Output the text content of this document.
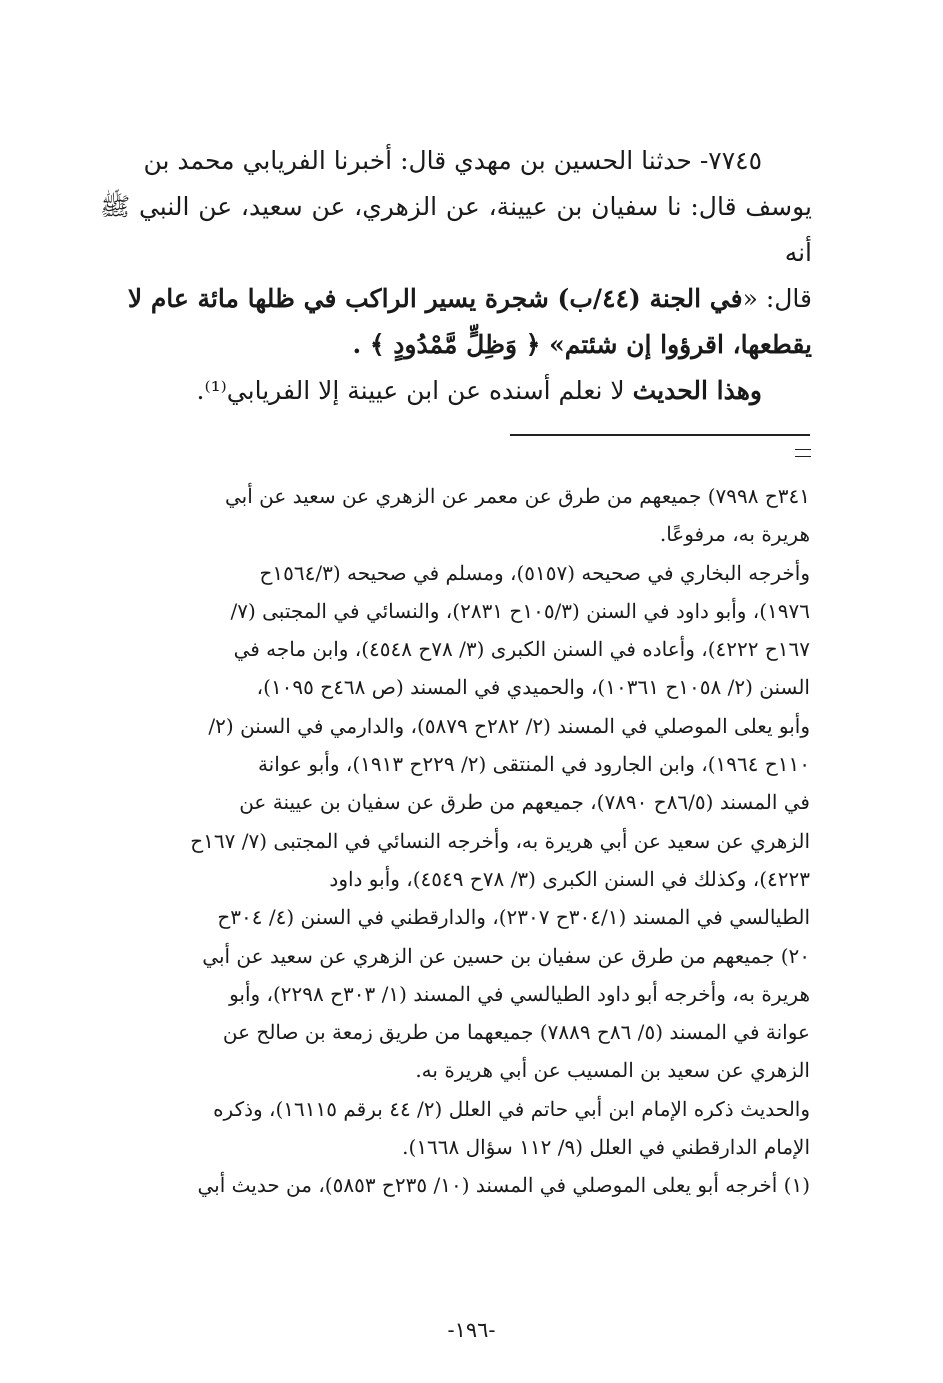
٧٧٤٥- حدثنا الحسين بن مهدي قال: أخبرنا الفريابي محمد بن

يوسف قال: نا سفيان بن عيينة، عن الزهري، عن سعيد، عن النبي ﷺ أنه

قال: «في الجنة (٤٤/ب) شجرة يسير الراكب في ظلها مائة عام لا

يقطعها، اقرؤوا إن شئتم» ﴿ وَظِلٍّ مَّمْدُودٍ ﴾ .

وهذا الحديث لا نعلم أسنده عن ابن عيينة إلا الفريابي⁽¹⁾.

٣٤١ح ٧٩٩٨) جميعهم من طرق عن معمر عن الزهري عن سعيد عن أبي

هريرة به، مرفوعًا.

وأخرجه البخاري في صحيحه (٥١٥٧)، ومسلم في صحيحه (١٥٦٤/٣ح

١٩٧٦)، وأبو داود في السنن (١٠٥/٣ح ٢٨٣١)، والنسائي في المجتبى (٧/

١٦٧ح ٤٢٢٢)، وأعاده في السنن الكبرى (٣/ ٧٨ح ٤٥٤٨)، وابن ماجه في

السنن (٢/ ١٠٥٨ح ١٠٣٦١)، والحميدي في المسند (ص ٤٦٨ح ١٠٩٥)،

وأبو يعلى الموصلي في المسند (٢/ ٢٨٢ح ٥٨٧٩)، والدارمي في السنن (٢/

١١٠ح ١٩٦٤)، وابن الجارود في المنتقى (٢/ ٢٢٩ح ١٩١٣)، وأبو عوانة

في المسند (٨٦/٥ح ٧٨٩٠)، جميعهم من طرق عن سفيان بن عيينة عن

الزهري عن سعيد عن أبي هريرة به، وأخرجه النسائي في المجتبى (٧/ ١٦٧ح

٤٢٢٣)، وكذلك في السنن الكبرى (٣/ ٧٨ح ٤٥٤٩)، وأبو داود

الطيالسي في المسند (٣٠٤/١ح ٢٣٠٧)، والدارقطني في السنن (٤/ ٣٠٤ح

٢٠) جميعهم من طرق عن سفيان بن حسين عن الزهري عن سعيد عن أبي

هريرة به، وأخرجه أبو داود الطيالسي في المسند (١/ ٣٠٣ح ٢٢٩٨)، وأبو

عوانة في المسند (٥/ ٨٦ح ٧٨٨٩) جميعهما من طريق زمعة بن صالح عن

الزهري عن سعيد بن المسيب عن أبي هريرة به.

والحديث ذكره الإمام ابن أبي حاتم في العلل (٢/ ٤٤ برقم ١٦١١٥)، وذكره

الإمام الدارقطني في العلل (٩/ ١١٢ سؤال ١٦٦٨).

(١) أخرجه أبو يعلى الموصلي في المسند (١٠/ ٢٣٥ح ٥٨٥٣)، من حديث أبي

-١٩٦-
